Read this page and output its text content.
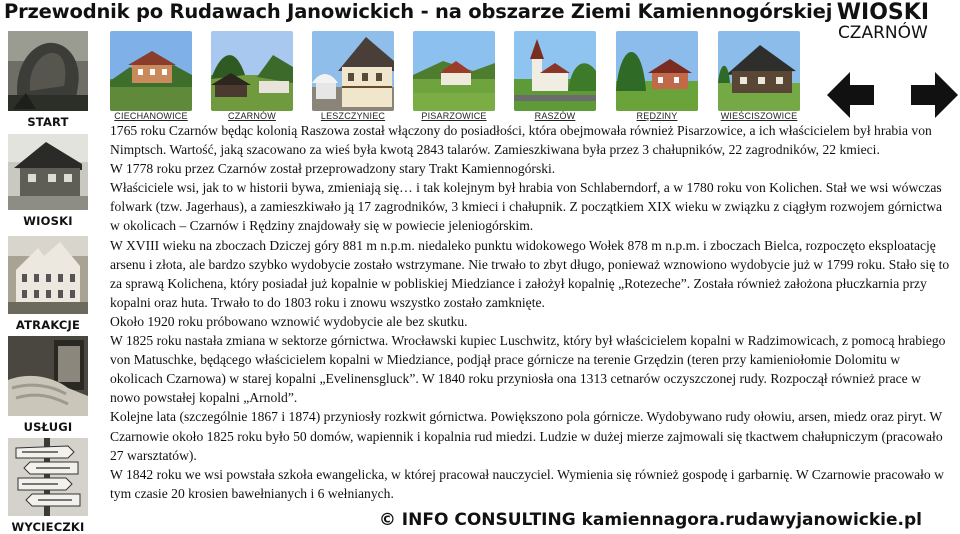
Przewodnik po Rudawach Janowickich - na obszarze Ziemi Kamiennogórskiej WIOSKI
CZARNÓW
START
WIOSKI
ATRAKCJE
USŁUGI
WYCIECZKI
CIECHANOWICE	CZARNÓW	LESZCZYNIEC	PISARZOWICE	RASZÓW	RĘDZINY	WIEŚCISZOWICE

1765 roku Czarnów będąc kolonią Raszowa został włączony do posiadłości, która obejmowała również Pisarzowice, a ich właścicielem był hrabia von Nimptsch. Wartość, jaką szacowano za wieś była kwotą 2843 talarów. Zamieszkiwana była przez 3 chałupników, 22 zagrodników, 22 kmieci.

W 1778 roku przez Czarnów został przeprowadzony stary Trakt Kamiennogórski.

Właściciele wsi, jak to w historii bywa, zmieniają się… i tak kolejnym był hrabia von Schlaberndorf, a w 1780 roku von Kolichen. Stał we wsi wówczas folwark (tzw. Jagerhaus), a zamieszkiwało ją 17 zagrodników, 3 kmieci i chałupnik. Z początkiem XIX wieku w związku z ciągłym rozwojem górnictwa w okolicach – Czarnów i Rędziny znajdowały się w powiecie jeleniogórskim.

W XVIII wieku na zboczach Dziczej góry 881 m n.p.m. niedaleko punktu widokowego Wołek 878 m n.p.m. i zboczach Bielca, rozpoczęto eksploatację arsenu i złota, ale bardzo szybko wydobycie zostało wstrzymane. Nie trwało to zbyt długo, ponieważ wznowiono wydobycie już w 1799 roku. Stało się to za sprawą Kolichena, który posiadał już kopalnie w pobliskiej Miedziance i założył kopalnię „Rotezeche”. Została również założona płuczkarnia przy kopalni oraz huta. Trwało to do 1803 roku i znowu wszystko zostało zamknięte.

Około 1920 roku próbowano wznowić wydobycie ale bez skutku.

W 1825 roku nastała zmiana w sektorze górnictwa. Wrocławski kupiec Luschwitz, który był właścicielem kopalni w Radzimowicach, z pomocą hrabiego von Matuschke, będącego właścicielem kopalni w Miedziance, podjął prace górnicze na terenie Grzędzin (teren przy kamieniołomie Dolomitu w okolicach Czarnowa) w starej kopalni „Evelinensgluck”. W 1840 roku przyniosła ona 1313 cetnarów oczyszczonej rudy. Rozpoczął również prace w nowo powstałej kopalni „Arnold”.

Kolejne lata (szczególnie 1867 i 1874) przyniosły rozkwit górnictwa. Powiększono pola górnicze. Wydobywano rudy ołowiu, arsen, miedz oraz piryt. W Czarnowie około 1825 roku było 50 domów, wapiennik i kopalnia rud miedzi. Ludzie w dużej mierze zajmowali się tkactwem chałupniczym (pracowało 27 warsztatów).

W 1842 roku we wsi powstała szkoła ewangelicka, w której pracował nauczyciel. Wymienia się również gospodę i garbarnię. W Czarnowie pracowało w tym czasie 20 krosien bawełnianych i 6 wełnianych.

© INFO CONSULTING kamiennagora.rudawyjanowickie.pl
